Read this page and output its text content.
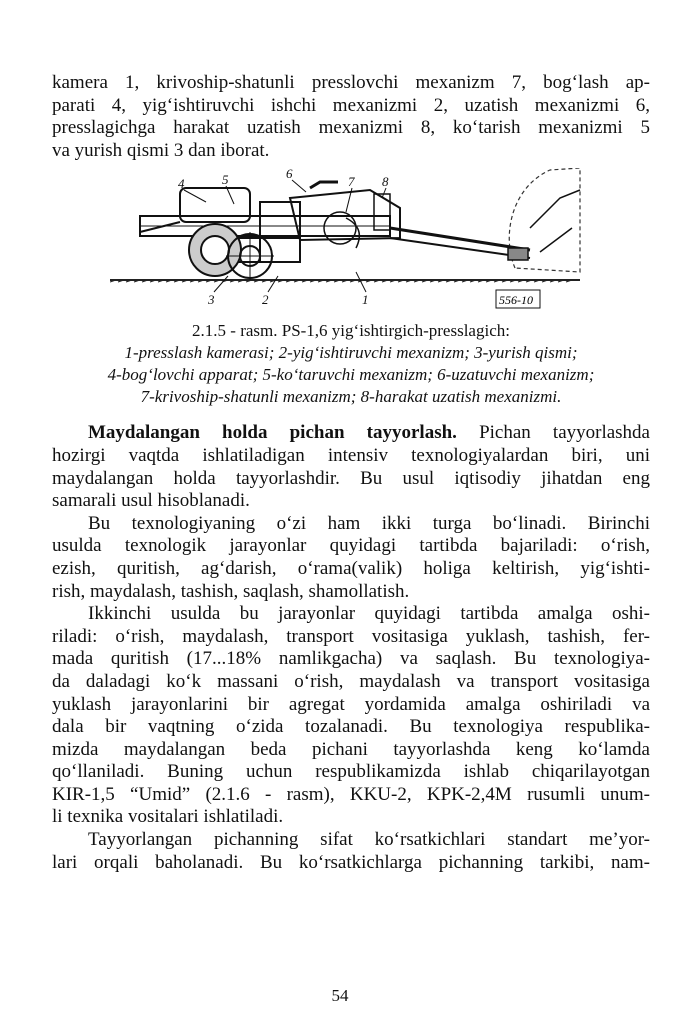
kamera 1, krivoship-shatunli presslovchi mexanizm 7, bog‘lash ap-
parati 4, yig‘ishtiruvchi ishchi mexanizmi 2, uzatish mexanizmi 6,
presslagichga harakat uzatish mexanizmi 8, ko‘tarish mexanizmi 5
va yurish qismi 3 dan iborat.

556-10
4	5	6
7 8
3	2	1
2.1.5 - rasm. PS-1,6 yig‘ishtirgich-presslagich:
1-presslash kamerasi; 2-yig‘ishtiruvchi mexanizm; 3-yurish qismi;
4-bog‘lovchi apparat; 5-ko‘taruvchi mexanizm; 6-uzatuvchi mexanizm;
7-krivoship-shatunli mexanizm; 8-harakat uzatish mexanizmi.

Maydalangan holda pichan tayyorlash. Pichan tayyorlashda
hozirgi vaqtda ishlatiladigan intensiv texnologiyalardan biri, uni
maydalangan holda tayyorlashdir. Bu usul iqtisodiy jihatdan eng
samarali usul hisoblanadi.

Bu texnologiyaning o‘zi ham ikki turga bo‘linadi. Birinchi
usulda texnologik jarayonlar quyidagi tartibda bajariladi: o‘rish,
ezish, quritish, ag‘darish, o‘rama(valik) holiga keltirish, yig‘ishti-
rish, maydalash, tashish, saqlash, shamollatish.

Ikkinchi usulda bu jarayonlar quyidagi tartibda amalga oshi-
riladi: o‘rish, maydalash, transport vositasiga yuklash, tashish, fer-
mada quritish (17...18% namlikgacha) va saqlash. Bu texnologiya-
da daladagi ko‘k massani o‘rish, maydalash va transport vositasiga
yuklash jarayonlarini bir agregat yordamida amalga oshiriladi va
dala bir vaqtning o‘zida tozalanadi. Bu texnologiya respublika-
mizda maydalangan beda pichani tayyorlashda keng ko‘lamda
qo‘llaniladi. Buning uchun respublikamizda ishlab chiqarilayotgan
KIR-1,5 “Umid” (2.1.6 - rasm), KKU-2, KPK-2,4M rusumli unum-
li texnika vositalari ishlatiladi.

Tayyorlangan pichanning sifat ko‘rsatkichlari standart me’yor-
lari orqali baholanadi. Bu ko‘rsatkichlarga pichanning tarkibi, nam-

54
